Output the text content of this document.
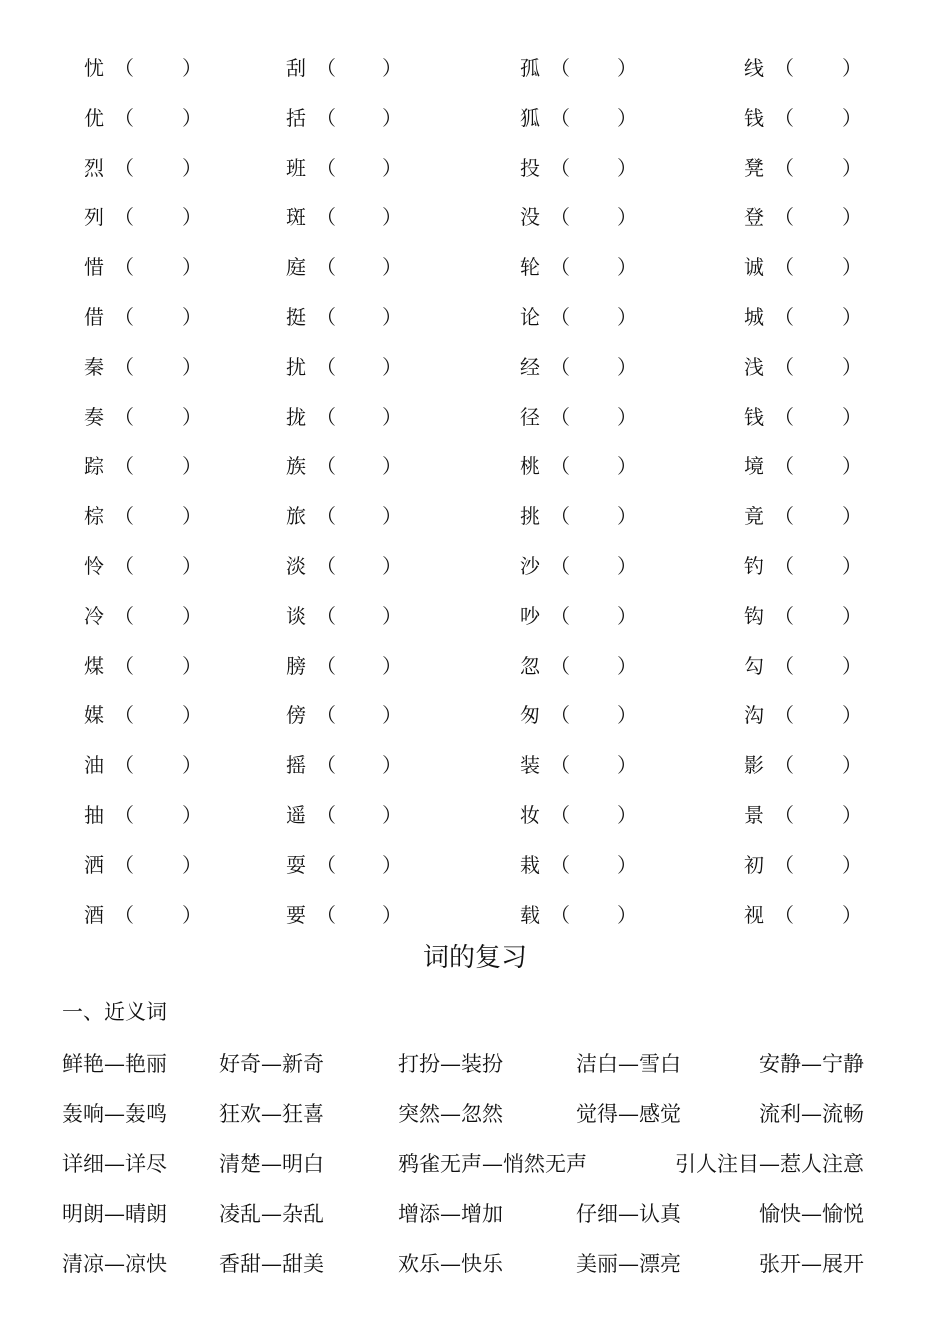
忧 （ ）	刮 （ ）	孤 （ ）	线 （ ）
优 （ ）	括 （ ）	狐 （ ）	钱 （ ）
烈 （ ）	班 （ ）	投 （ ）	凳 （ ）
列 （ ）	斑 （ ）	没 （ ）	登 （ ）
惜 （ ）	庭 （ ）	轮 （ ）	诚 （ ）
借 （ ）	挺 （ ）	论 （ ）	城 （ ）
秦 （ ）	扰 （ ）	经 （ ）	浅 （ ）
奏 （ ）	拢 （ ）	径 （ ）	钱 （ ）
踪 （ ）	族 （ ）	桃 （ ）	境 （ ）
棕 （ ）	旅 （ ）	挑 （ ）	竟 （ ）
怜 （ ）	淡 （ ）	沙 （ ）	钓 （ ）
冷 （ ）	谈 （ ）	吵 （ ）	钩 （ ）
煤 （ ）	膀 （ ）	忽 （ ）	勾 （ ）
媒 （ ）	傍 （ ）	匆 （ ）	沟 （ ）
油 （ ）	摇 （ ）	装 （ ）	影 （ ）
抽 （ ）	遥 （ ）	妆 （ ）	景 （ ）
洒 （ ）	耍 （ ）	栽 （ ）	初 （ ）
酒 （ ）	要 （ ）	载 （ ）	视 （ ）
词的复习
一、近义词
鲜艳—艳丽 好奇—新奇	打扮—装扮	洁白—雪白	安静—宁静
轰响—轰鸣 狂欢—狂喜	突然—忽然	觉得—感觉	流利—流畅
详细—详尽 清楚—明白	鸦雀无声—悄然无声	引人注目—惹人注意
明朗—晴朗 凌乱—杂乱	增添—增加	仔细—认真	愉快—愉悦
清凉—凉快 香甜—甜美	欢乐—快乐	美丽—漂亮	张开—展开
